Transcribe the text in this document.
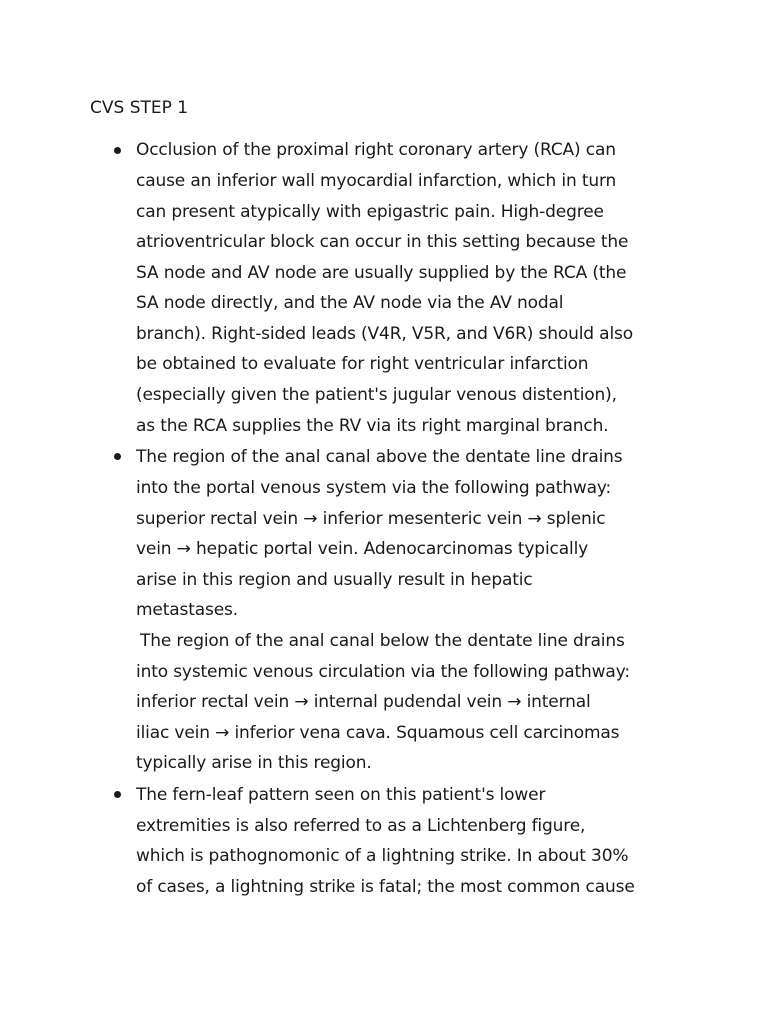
CVS STEP 1
Occlusion of the proximal right coronary artery (RCA) can
cause an inferior wall myocardial infarction, which in turn
can present atypically with epigastric pain. High-degree
atrioventricular block can occur in this setting because the
SA node and AV node are usually supplied by the RCA (the
SA node directly, and the AV node via the AV nodal
branch). Right-sided leads (V4R, V5R, and V6R) should also
be obtained to evaluate for right ventricular infarction
(especially given the patient's jugular venous distention),
as the RCA supplies the RV via its right marginal branch.
The region of the anal canal above the dentate line drains
into the portal venous system via the following pathway:
superior rectal vein → inferior mesenteric vein → splenic
vein → hepatic portal vein. Adenocarcinomas typically
arise in this region and usually result in hepatic
metastases.
The region of the anal canal below the dentate line drains
into systemic venous circulation via the following pathway:
inferior rectal vein → internal pudendal vein → internal
iliac vein → inferior vena cava. Squamous cell carcinomas
typically arise in this region.
The fern-leaf pattern seen on this patient's lower
extremities is also referred to as a Lichtenberg figure,
which is pathognomonic of a lightning strike. In about 30%
of cases, a lightning strike is fatal; the most common cause
